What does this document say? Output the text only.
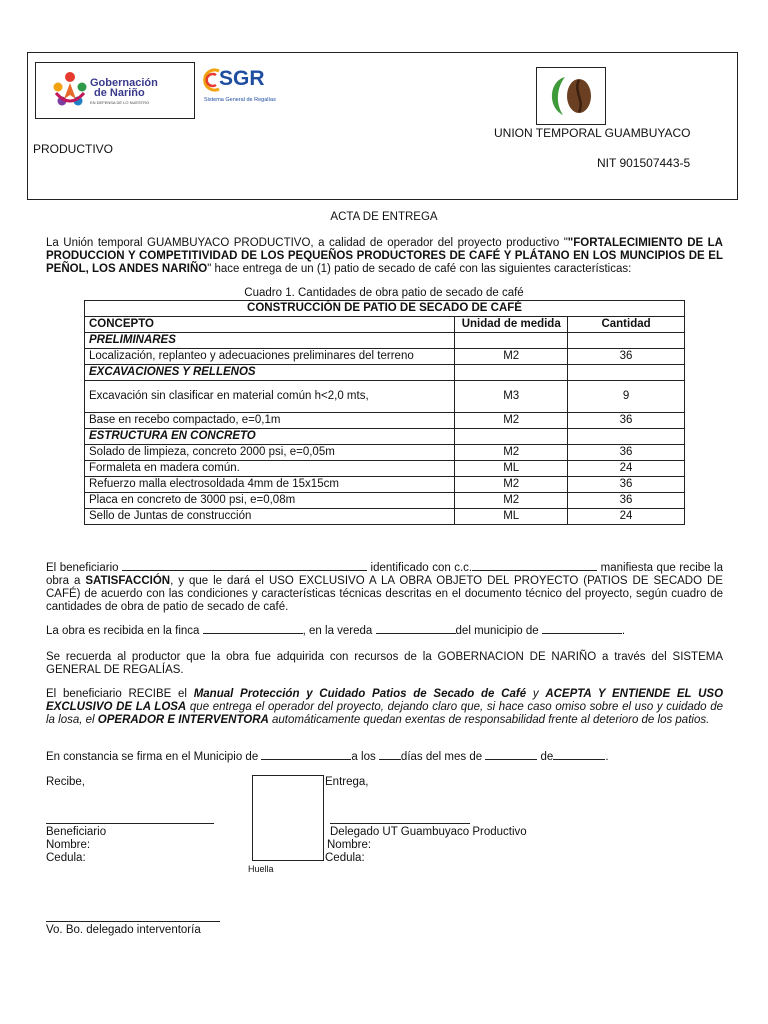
Gobernación
de Nariño
EN DEFENSA DE LO NUESTRO
SGR
Sistema General de Regalías
UNION TEMPORAL GUAMBUYACO
PRODUCTIVO
NIT 901507443-5
ACTA DE ENTREGA
La Unión temporal GUAMBUYACO PRODUCTIVO, a calidad de operador del proyecto productivo ""FORTALECIMIENTO DE LA PRODUCCION Y COMPETITIVIDAD DE LOS PEQUEÑOS PRODUCTORES DE CAFÉ Y PLÁTANO EN LOS MUNCIPIOS DE EL PEÑOL, LOS ANDES NARIÑO" hace entrega de un (1) patio de secado de café con las siguientes características:
Cuadro 1. Cantidades de obra patio de secado de café
CONSTRUCCIÓN DE PATIO DE SECADO DE CAFÉ		
CONCEPTO	Unidad de medida	Cantidad
PRELIMINARES		
Localización, replanteo y adecuaciones preliminares del terreno	M2	36
EXCAVACIONES Y RELLENOS		
Excavación sin clasificar en material común h<2,0 mts,	M3	9
Base en recebo compactado, e=0,1m	M2	36
ESTRUCTURA EN CONCRETO		
Solado de limpieza, concreto 2000 psi, e=0,05m	M2	36
Formaleta en madera común.	ML	24
Refuerzo malla electrosoldada 4mm de 15x15cm	M2	36
Placa en concreto de 3000 psi, e=0,08m	M2	36
Sello de Juntas de construcción	ML	24
El beneficiario	identificado con c.c.	manifiesta que recibe la obra a SATISFACCIÓN, y que le dará el USO EXCLUSIVO A LA OBRA OBJETO DEL PROYECTO (PATIOS DE SECADO DE CAFÉ) de acuerdo con las condiciones y características técnicas descritas en el documento técnico del proyecto, según cuadro de cantidades de obra de patio de secado de café.
La obra es recibida en la finca	, en la vereda	del municipio de	.
Se recuerda al productor que la obra fue adquirida con recursos de la GOBERNACION DE NARIÑO a través del SISTEMA GENERAL DE REGALÍAS.
El beneficiario RECIBE el Manual Protección y Cuidado Patios de Secado de Café y ACEPTA Y ENTIENDE EL USO EXCLUSIVO DE LA LOSA que entrega el operador del proyecto, dejando claro que, si hace caso omiso sobre el uso y cuidado de la losa, el OPERADOR E INTERVENTORA automáticamente quedan exentas de responsabilidad frente al deterioro de los patios.
En constancia se firma en el Municipio de	a los días del mes de	de	.
Recibe,	Entrega,
Huella
Beneficiario
Nombre:
Cedula:
Delegado UT Guambuyaco Productivo
Nombre:
Cedula:
Vo. Bo. delegado interventoría
